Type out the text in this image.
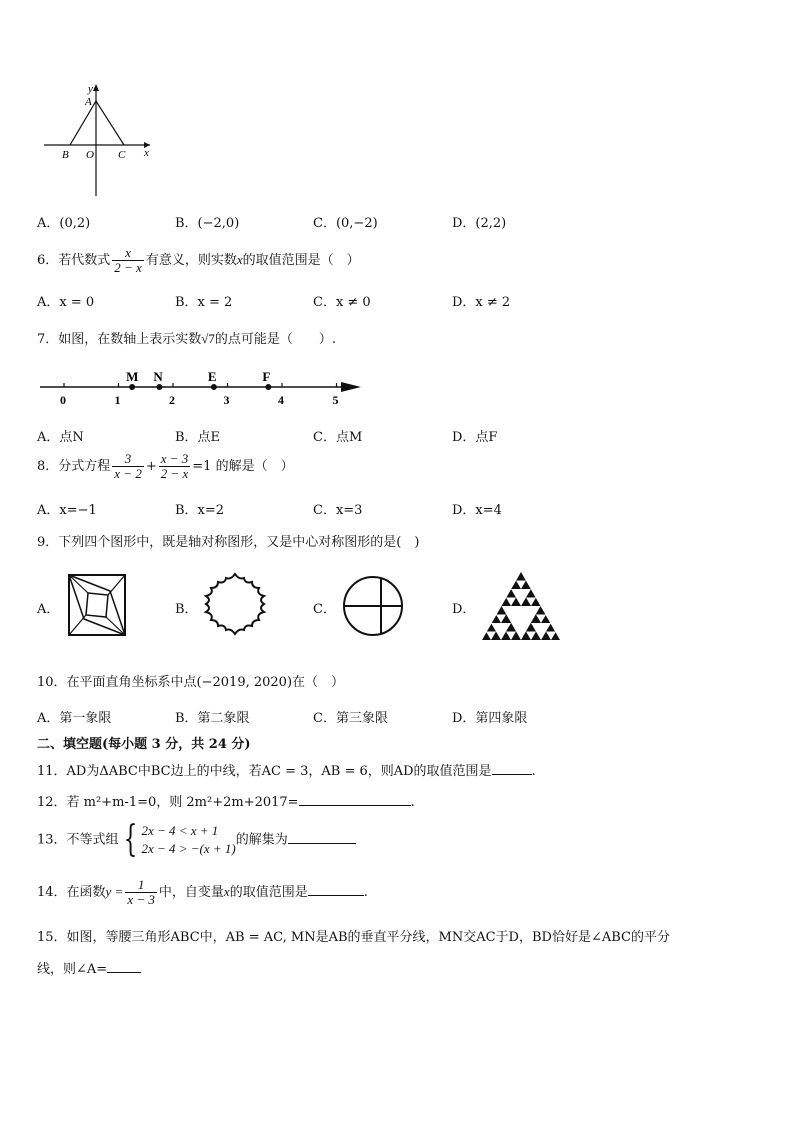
y
A
B O C x
A．(0,2)	B．(−2,0)	C．(0,−2)	D．(2,2)
6．若代数式 $\frac{x}{2 - x}$ 有意义，则实数x的取值范围是（　）
A．x = 0	B．x = 2	C．x ≠ 0	D．x ≠ 2
7．如图，在数轴上表示实数√7的点可能是（　　）.
0	1	2	3	4	5
M N	E	F
A．点N	B．点E	C．点M	D．点F
8．分式方程 $\frac{3}{x - 2} + \frac{x - 3}{2 - x} =1$ 的解是（　）
A．x=−1	B．x=2	C．x=3	D．x=4
9．下列四个图形中，既是轴对称图形，又是中心对称图形的是(　)
A．	B．	C．	D．
10．在平面直角坐标系中点(−2019, 2020)在（　）
A．第一象限	B．第二象限	C．第三象限	D．第四象限
二、填空题(每小题 3 分，共 24 分)
11．AD为ΔABC中BC边上的中线，若AC = 3，AB = 6，则AD的取值范围是	.
12．若 m²+m-1=0，则 2m²+2m+2017=	.
13．不等式组 { 2x − 4 < x + 1
2x − 4 > −(x + 1)
的解集为
14．在函数$y = \frac{1}{x - 3}$ 中，自变量x的取值范围是	.
15．如图，等腰三角形ABC中，AB = AC, MN是AB的垂直平分线，MN交AC于D，BD恰好是∠ABC的平分
线，则∠A=
